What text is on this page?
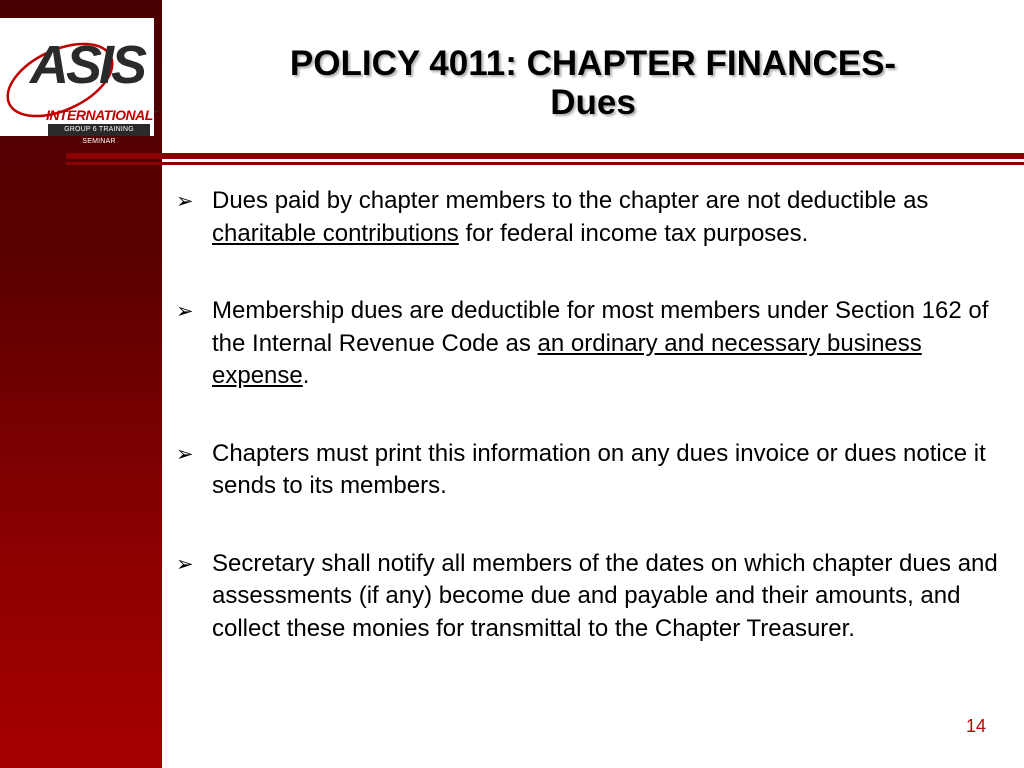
ASIS
INTERNATIONAL™
GROUP 6 TRAINING SEMINAR
POLICY 4011: CHAPTER FINANCES-
Dues
➢ Dues paid by chapter members to the chapter are not deductible as charitable contributions for federal income tax purposes.
➢ Membership dues are deductible for most members under Section 162 of the Internal Revenue Code as an ordinary and necessary business expense.
➢ Chapters must print this information on any dues invoice or dues notice it sends to its members.
➢ Secretary shall notify all members of the dates on which chapter dues and assessments (if any) become due and payable and their amounts, and collect these monies for transmittal to the Chapter Treasurer.
14
